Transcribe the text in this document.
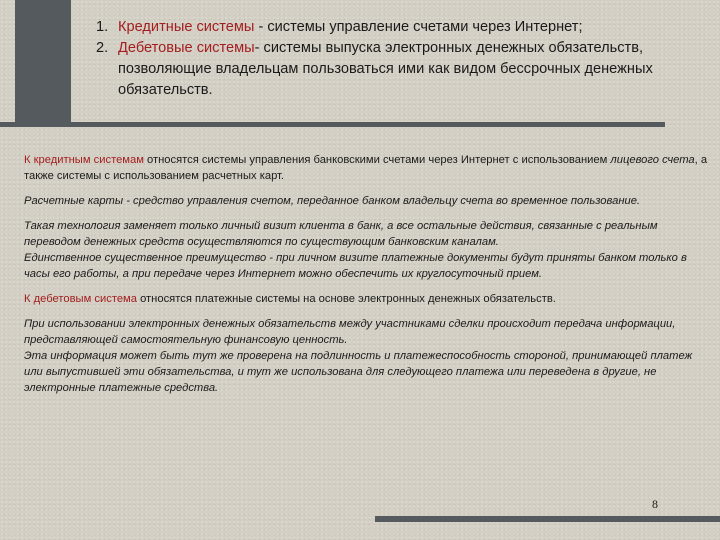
1. Кредитные системы - системы управление счетами через Интернет;
2. Дебетовые системы- системы выпуска электронных денежных обязательств, позволяющие владельцам пользоваться ими как видом бессрочных денежных обязательств.

К кредитным системам относятся системы управления банковскими счетами через Интернет с использованием лицевого счета, а также системы с использованием расчетных карт.

Расчетные карты - средство управления счетом, переданное банком владельцу счета во временное пользование.

Такая технология заменяет только личный визит клиента в банк, а все остальные действия, связанные с реальным переводом денежных средств осуществляются по существующим банковским каналам.

Единственное существенное преимущество - при личном визите платежные документы будут приняты банком только в часы его работы, а при передаче через Интернет можно обеспечить их круглосуточный прием.

К дебетовым система относятся платежные системы на основе электронных денежных обязательств.

При использовании электронных денежных обязательств между участниками сделки происходит передача информации, представляющей самостоятельную финансовую ценность.

Эта информация может быть тут же проверена на подлинность и платежеспособность стороной, принимающей платеж или выпустившей эти обязательства, и тут же использована для следующего платежа или переведена в другие, не электронные платежные средства.

8
